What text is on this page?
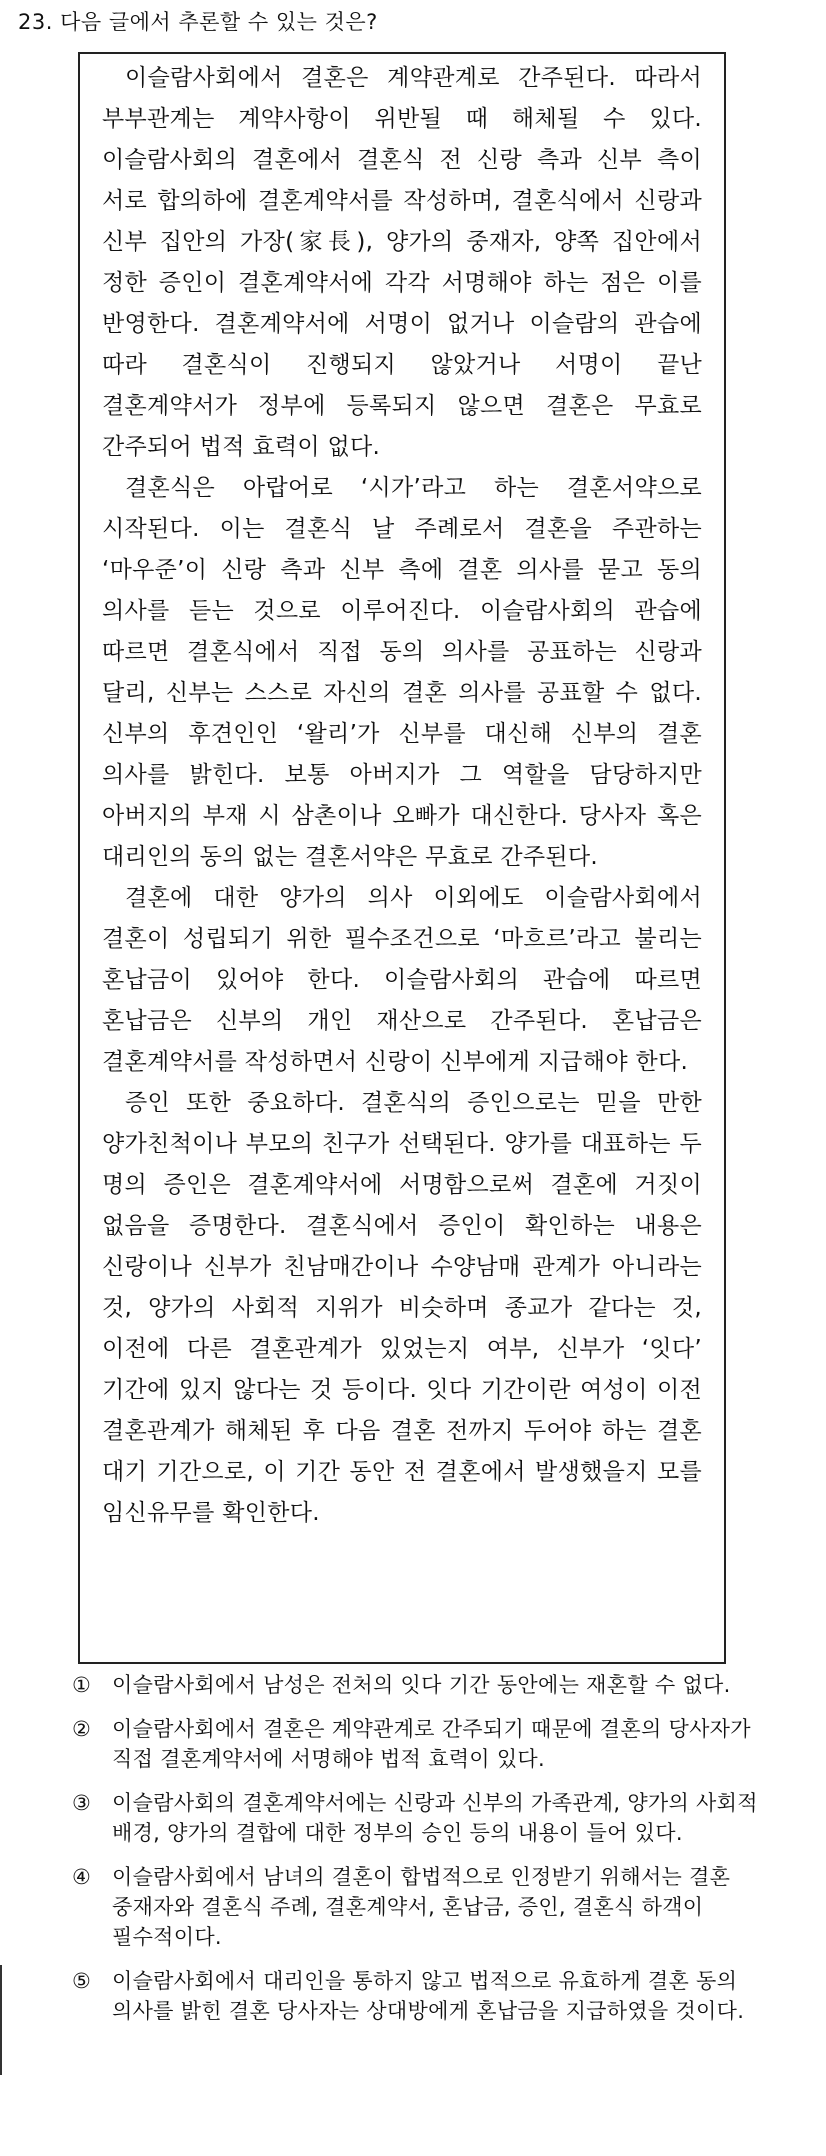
23. 다음 글에서 추론할 수 있는 것은?

이슬람사회에서 결혼은 계약관계로 간주된다. 따라서 부부관계는 계약사항이 위반될 때 해체될 수 있다. 이슬람사회의 결혼에서 결혼식 전 신랑 측과 신부 측이 서로 합의하에 결혼계약서를 작성하며, 결혼식에서 신랑과 신부 집안의 가장(家長), 양가의 중재자, 양쪽 집안에서 정한 증인이 결혼계약서에 각각 서명해야 하는 점은 이를 반영한다. 결혼계약서에 서명이 없거나 이슬람의 관습에 따라 결혼식이 진행되지 않았거나 서명이 끝난 결혼계약서가 정부에 등록되지 않으면 결혼은 무효로 간주되어 법적 효력이 없다.

결혼식은 아랍어로 ‘시가’라고 하는 결혼서약으로 시작된다. 이는 결혼식 날 주례로서 결혼을 주관하는 ‘마우준’이 신랑 측과 신부 측에 결혼 의사를 묻고 동의 의사를 듣는 것으로 이루어진다. 이슬람사회의 관습에 따르면 결혼식에서 직접 동의 의사를 공표하는 신랑과 달리, 신부는 스스로 자신의 결혼 의사를 공표할 수 없다. 신부의 후견인인 ‘왈리’가 신부를 대신해 신부의 결혼 의사를 밝힌다. 보통 아버지가 그 역할을 담당하지만 아버지의 부재 시 삼촌이나 오빠가 대신한다. 당사자 혹은 대리인의 동의 없는 결혼서약은 무효로 간주된다.

결혼에 대한 양가의 의사 이외에도 이슬람사회에서 결혼이 성립되기 위한 필수조건으로 ‘마흐르’라고 불리는 혼납금이 있어야 한다. 이슬람사회의 관습에 따르면 혼납금은 신부의 개인 재산으로 간주된다. 혼납금은 결혼계약서를 작성하면서 신랑이 신부에게 지급해야 한다.

증인 또한 중요하다. 결혼식의 증인으로는 믿을 만한 양가친척이나 부모의 친구가 선택된다. 양가를 대표하는 두 명의 증인은 결혼계약서에 서명함으로써 결혼에 거짓이 없음을 증명한다. 결혼식에서 증인이 확인하는 내용은 신랑이나 신부가 친남매간이나 수양남매 관계가 아니라는 것, 양가의 사회적 지위가 비슷하며 종교가 같다는 것, 이전에 다른 결혼관계가 있었는지 여부, 신부가 ‘잇다’ 기간에 있지 않다는 것 등이다. 잇다 기간이란 여성이 이전 결혼관계가 해체된 후 다음 결혼 전까지 두어야 하는 결혼 대기 기간으로, 이 기간 동안 전 결혼에서 발생했을지 모를 임신유무를 확인한다.

① 이슬람사회에서 남성은 전처의 잇다 기간 동안에는 재혼할 수 없다.
② 이슬람사회에서 결혼은 계약관계로 간주되기 때문에 결혼의 당사자가 직접 결혼계약서에 서명해야 법적 효력이 있다.
③ 이슬람사회의 결혼계약서에는 신랑과 신부의 가족관계, 양가의 사회적 배경, 양가의 결합에 대한 정부의 승인 등의 내용이 들어 있다.
④ 이슬람사회에서 남녀의 결혼이 합법적으로 인정받기 위해서는 결혼 중재자와 결혼식 주례, 결혼계약서, 혼납금, 증인, 결혼식 하객이 필수적이다.
⑤ 이슬람사회에서 대리인을 통하지 않고 법적으로 유효하게 결혼 동의 의사를 밝힌 결혼 당사자는 상대방에게 혼납금을 지급하였을 것이다.
